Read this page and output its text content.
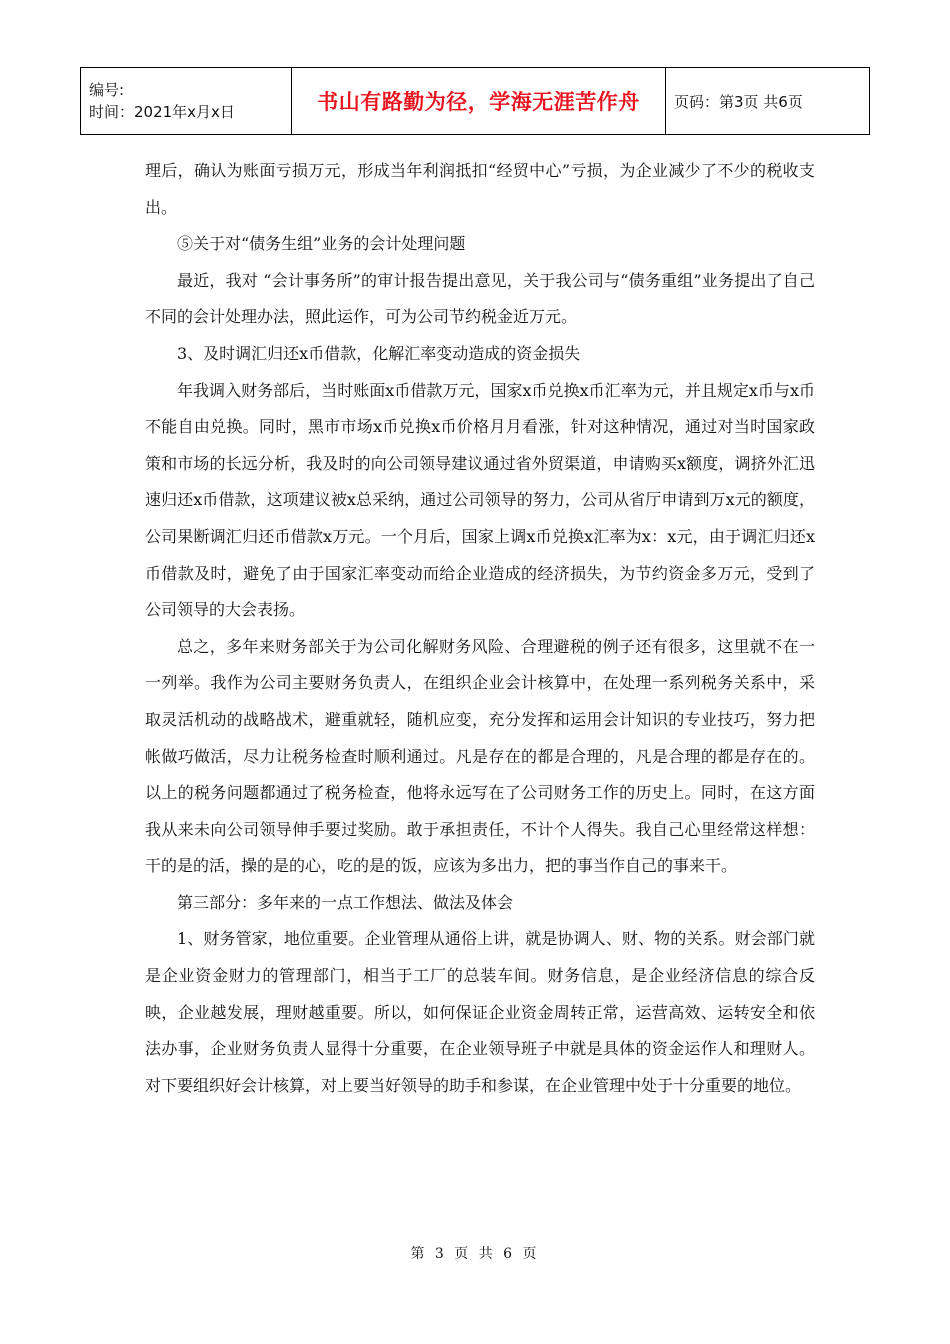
编号:
时间：2021年x月x日	书山有路勤为径，学海无涯苦作舟	页码：第3页 共6页

理后，确认为账面亏损万元，形成当年利润抵扣“经贸中心”亏损，为企业减少了不少的税收支出。

⑤关于对“债务生组”业务的会计处理问题

最近，我对 “会计事务所”的审计报告提出意见，关于我公司与“债务重组”业务提出了自己不同的会计处理办法，照此运作，可为公司节约税金近万元。

3、及时调汇归还x币借款，化解汇率变动造成的资金损失

年我调入财务部后，当时账面x币借款万元，国家x币兑换x币汇率为元，并且规定x币与x币不能自由兑换。同时，黑市市场x币兑换x币价格月月看涨，针对这种情况，通过对当时国家政策和市场的长远分析，我及时的向公司领导建议通过省外贸渠道，申请购买x额度，调挤外汇迅速归还x币借款，这项建议被x总采纳，通过公司领导的努力，公司从省厅申请到万x元的额度，公司果断调汇归还币借款x万元。一个月后，国家上调x币兑换x汇率为x：x元，由于调汇归还x币借款及时，避免了由于国家汇率变动而给企业造成的经济损失，为节约资金多万元，受到了公司领导的大会表扬。

总之，多年来财务部关于为公司化解财务风险、合理避税的例子还有很多，这里就不在一一列举。我作为公司主要财务负责人，在组织企业会计核算中，在处理一系列税务关系中，采取灵活机动的战略战术，避重就轻，随机应变，充分发挥和运用会计知识的专业技巧，努力把帐做巧做活，尽力让税务检查时顺利通过。凡是存在的都是合理的，凡是合理的都是存在的。以上的税务问题都通过了税务检查，他将永远写在了公司财务工作的历史上。同时，在这方面我从来未向公司领导伸手要过奖励。敢于承担责任，不计个人得失。我自己心里经常这样想：干的是的活，操的是的心，吃的是的饭，应该为多出力，把的事当作自己的事来干。

第三部分：多年来的一点工作想法、做法及体会

1、财务管家，地位重要。企业管理从通俗上讲，就是协调人、财、物的关系。财会部门就是企业资金财力的管理部门，相当于工厂的总装车间。财务信息，是企业经济信息的综合反映，企业越发展，理财越重要。所以，如何保证企业资金周转正常，运营高效、运转安全和依法办事，企业财务负责人显得十分重要，在企业领导班子中就是具体的资金运作人和理财人。对下要组织好会计核算，对上要当好领导的助手和参谋，在企业管理中处于十分重要的地位。

第 3 页 共 6 页
